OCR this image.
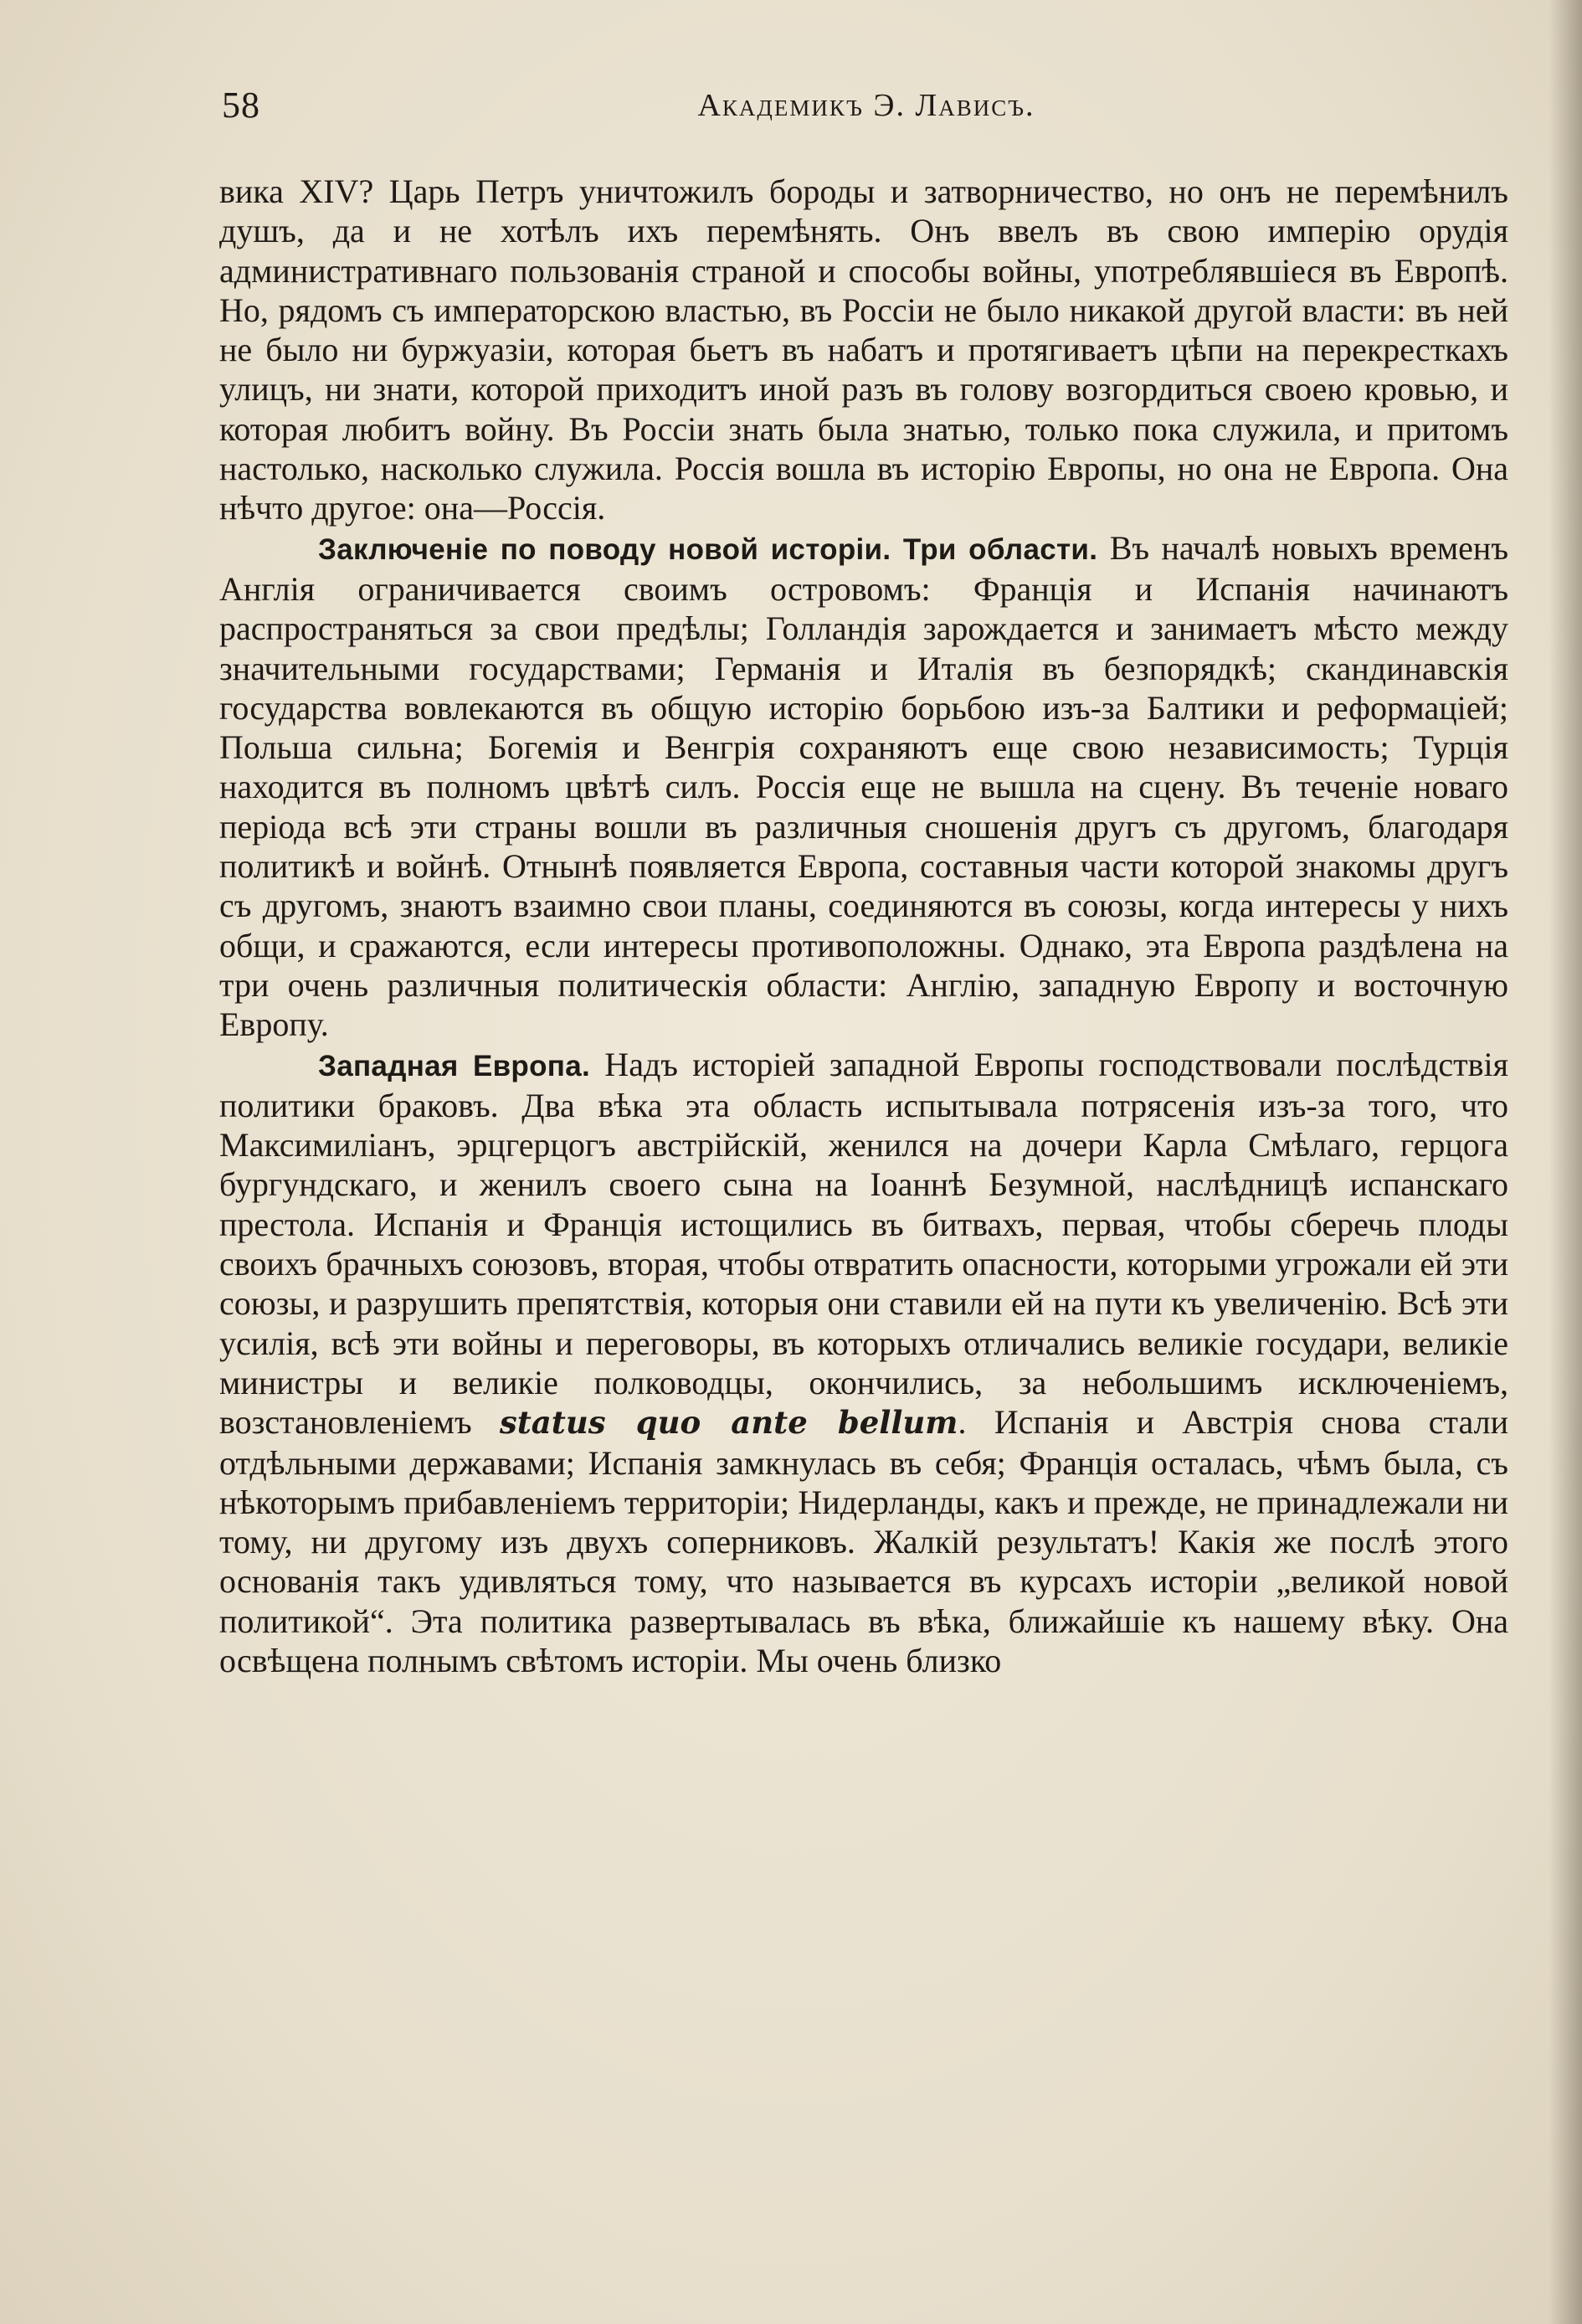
58	Академикъ Э. Лависъ.

вика XIV? Царь Петръ уничтожилъ бороды и затворничество, но онъ не перемѣнилъ душъ, да и не хотѣлъ ихъ перемѣнять. Онъ ввелъ въ свою имперію орудія административнаго пользованія страной и способы войны, употреблявшіеся въ Европѣ. Но, рядомъ съ императорскою властью, въ Россіи не было никакой другой власти: въ ней не было ни буржуазіи, которая бьетъ въ набатъ и протягиваетъ цѣпи на перекресткахъ улицъ, ни знати, которой приходитъ иной разъ въ голову возгордиться своею кровью, и которая любитъ войну. Въ Россіи знать была знатью, только пока служила, и притомъ настолько, насколько служила. Россія вошла въ исторію Европы, но она не Европа. Она нѣчто другое: она—Россія.

Заключеніе по поводу новой исторіи. Три области. Въ началѣ новыхъ временъ Англія ограничивается своимъ островомъ: Франція и Испанія начинаютъ распространяться за свои предѣлы; Голландія зарождается и занимаетъ мѣсто между значительными государствами; Германія и Италія въ безпорядкѣ; скандинавскія государства вовлекаются въ общую исторію борьбою изъ-за Балтики и реформаціей; Польша сильна; Богемія и Венгрія сохраняютъ еще свою независимость; Турція находится въ полномъ цвѣтѣ силъ. Россія еще не вышла на сцену. Въ теченіе новаго періода всѣ эти страны вошли въ различныя сношенія другъ съ другомъ, благодаря политикѣ и войнѣ. Отнынѣ появляется Европа, составныя части которой знакомы другъ съ другомъ, знаютъ взаимно свои планы, соединяются въ союзы, когда интересы у нихъ общи, и сражаются, если интересы противоположны. Однако, эта Европа раздѣлена на три очень различныя политическія области: Англію, западную Европу и восточную Европу.

Западная Европа. Надъ исторіей западной Европы господствовали послѣдствія политики браковъ. Два вѣка эта область испытывала потрясенія изъ-за того, что Максимиліанъ, эрцгерцогъ австрійскій, женился на дочери Карла Смѣлаго, герцога бургундскаго, и женилъ своего сына на Іоаннѣ Безумной, наслѣдницѣ испанскаго престола. Испанія и Франція истощились въ битвахъ, первая, чтобы сберечь плоды своихъ брачныхъ союзовъ, вторая, чтобы отвратить опасности, которыми угрожали ей эти союзы, и разрушить препятствія, которыя они ставили ей на пути къ увеличенію. Всѣ эти усилія, всѣ эти войны и переговоры, въ которыхъ отличались великіе государи, великіе министры и великіе полководцы, окончились, за небольшимъ исключеніемъ, возстановленіемъ status quo ante bellum. Испанія и Австрія снова стали отдѣльными державами; Испанія замкнулась въ себя; Франція осталась, чѣмъ была, съ нѣкоторымъ прибавленіемъ территоріи; Нидерланды, какъ и прежде, не принадлежали ни тому, ни другому изъ двухъ соперниковъ. Жалкій результатъ! Какія же послѣ этого основанія такъ удивляться тому, что называется въ курсахъ исторіи „великой новой политикой“. Эта политика развертывалась въ вѣка, ближайшіе къ нашему вѣку. Она освѣщена полнымъ свѣтомъ исторіи. Мы очень близко
